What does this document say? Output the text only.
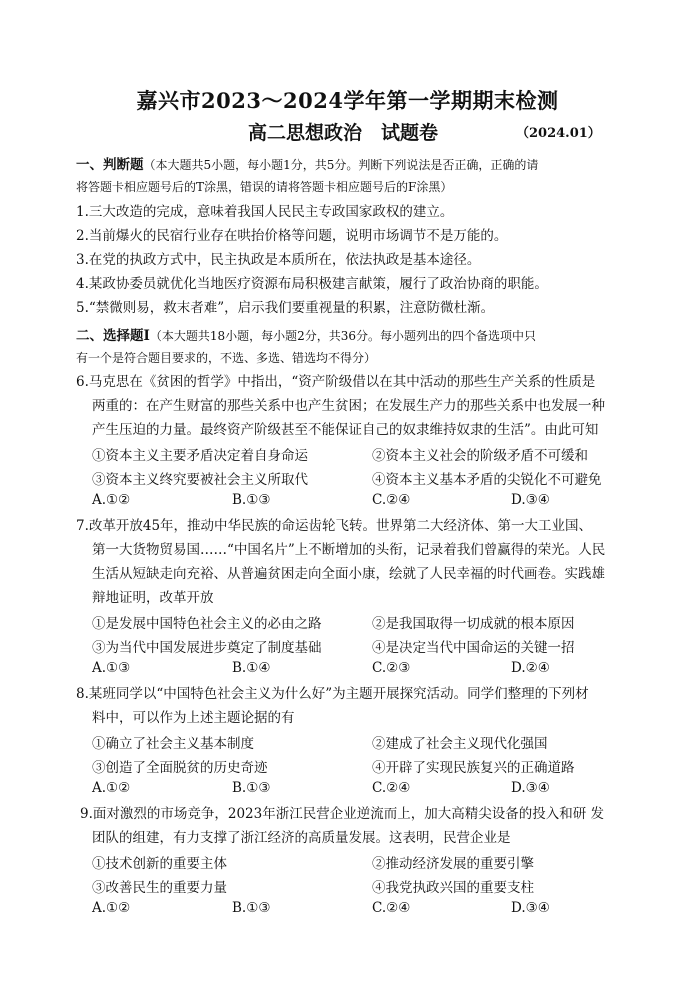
嘉兴市2023～2024学年第一学期期末检测
高二思想政治　试题卷	（2024.01）
一、判断题（本大题共5小题，每小题1分，共5分。判断下列说法是否正确，正确的请
将答题卡相应题号后的T涂黑，错误的请将答题卡相应题号后的F涂黑）
1.三大改造的完成，意味着我国人民民主专政国家政权的建立。
2.当前爆火的民宿行业存在哄抬价格等问题，说明市场调节不是万能的。
3.在党的执政方式中，民主执政是本质所在，依法执政是基本途径。
4.某政协委员就优化当地医疗资源布局积极建言献策，履行了政治协商的职能。
5.“禁微则易，救末者难”，启示我们要重视量的积累，注意防微杜渐。
二、选择题Ⅰ（本大题共18小题，每小题2分，共36分。每小题列出的四个备选项中只
有一个是符合题目要求的，不选、多选、错选均不得分）
6.马克思在《贫困的哲学》中指出，“资产阶级借以在其中活动的那些生产关系的性质是
两重的：在产生财富的那些关系中也产生贫困；在发展生产力的那些关系中也发展一种
产生压迫的力量。最终资产阶级甚至不能保证自己的奴隶维持奴隶的生活”。由此可知
①资本主义主要矛盾决定着自身命运	②资本主义社会的阶级矛盾不可缓和
③资本主义终究要被社会主义所取代	④资本主义基本矛盾的尖锐化不可避免
A.①②	B.①③	C.②④	D.③④
7.改革开放45年，推动中华民族的命运齿轮飞转。世界第二大经济体、第一大工业国、
第一大货物贸易国……“中国名片”上不断增加的头衔，记录着我们曾赢得的荣光。人民
生活从短缺走向充裕、从普遍贫困走向全面小康，绘就了人民幸福的时代画卷。实践雄
辩地证明，改革开放
①是发展中国特色社会主义的必由之路	②是我国取得一切成就的根本原因
③为当代中国发展进步奠定了制度基础	④是决定当代中国命运的关键一招
A.①③	B.①④	C.②③	D.②④
8.某班同学以“中国特色社会主义为什么好”为主题开展探究活动。同学们整理的下列材
料中，可以作为上述主题论据的有
①确立了社会主义基本制度	②建成了社会主义现代化强国
③创造了全面脱贫的历史奇迹	④开辟了实现民族复兴的正确道路
A.①②	B.①③	C.②④	D.③④
9.面对激烈的市场竞争，2023年浙江民营企业逆流而上，加大高精尖设备的投入和研 发
团队的组建，有力支撑了浙江经济的高质量发展。这表明，民营企业是
①技术创新的重要主体	②推动经济发展的重要引擎
③改善民生的重要力量	④我党执政兴国的重要支柱
A.①②	B.①③	C.②④	D.③④
